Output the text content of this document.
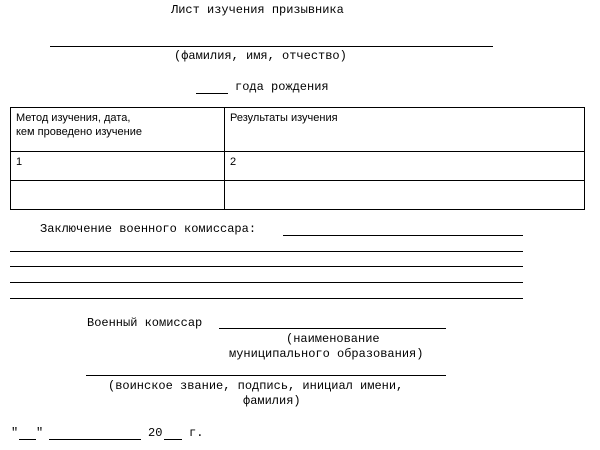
Лист изучения призывника
(фамилия, имя, отчество)
года рождения
Метод изучения, дата,
кем проведено изучение	Результаты изучения

1	2

Заключение военного комиссара:
Военный комиссар
(наименование
муниципального образования)
(воинское звание, подпись, инициал имени,
фамилия)
" "	20 г.
